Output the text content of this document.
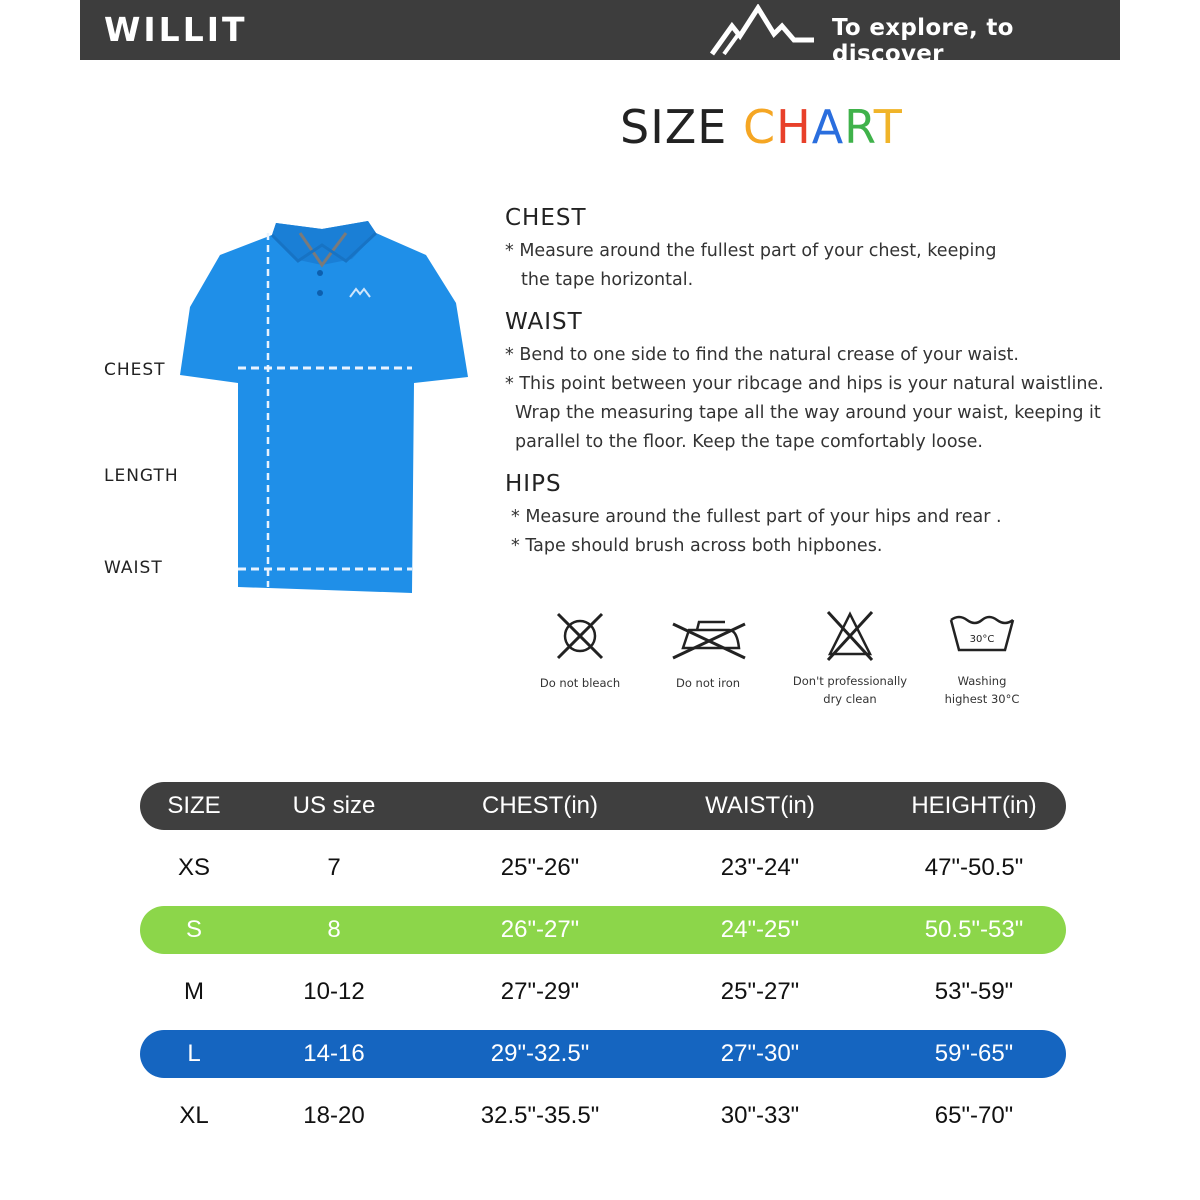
WILLIT	To explore, to discover
SIZE CHART
CHEST
LENGTH
WAIST
CHEST
* Measure around the fullest part of your chest, keeping
the tape horizontal.
WAIST
* Bend to one side to find the natural crease of your waist.
* This point between your ribcage and hips is your natural waistline.
Wrap the measuring tape all the way around your waist, keeping it
parallel to the floor. Keep the tape comfortably loose.
HIPS
* Measure around the fullest part of your hips and rear .
* Tape should brush across both hipbones.
Do not bleach	Do not iron	Don't professionally
dry clean
30°C
Washing
highest 30°C
SIZE	US size	CHEST(in)	WAIST(in)	HEIGHT(in)
XS	7	25"-26"	23"-24"	47"-50.5"
S	8	26"-27"	24"-25"	50.5"-53"
M	10-12	27"-29"	25"-27"	53"-59"
L	14-16	29"-32.5"	27"-30"	59"-65"
XL	18-20	32.5"-35.5"	30"-33"	65"-70"
